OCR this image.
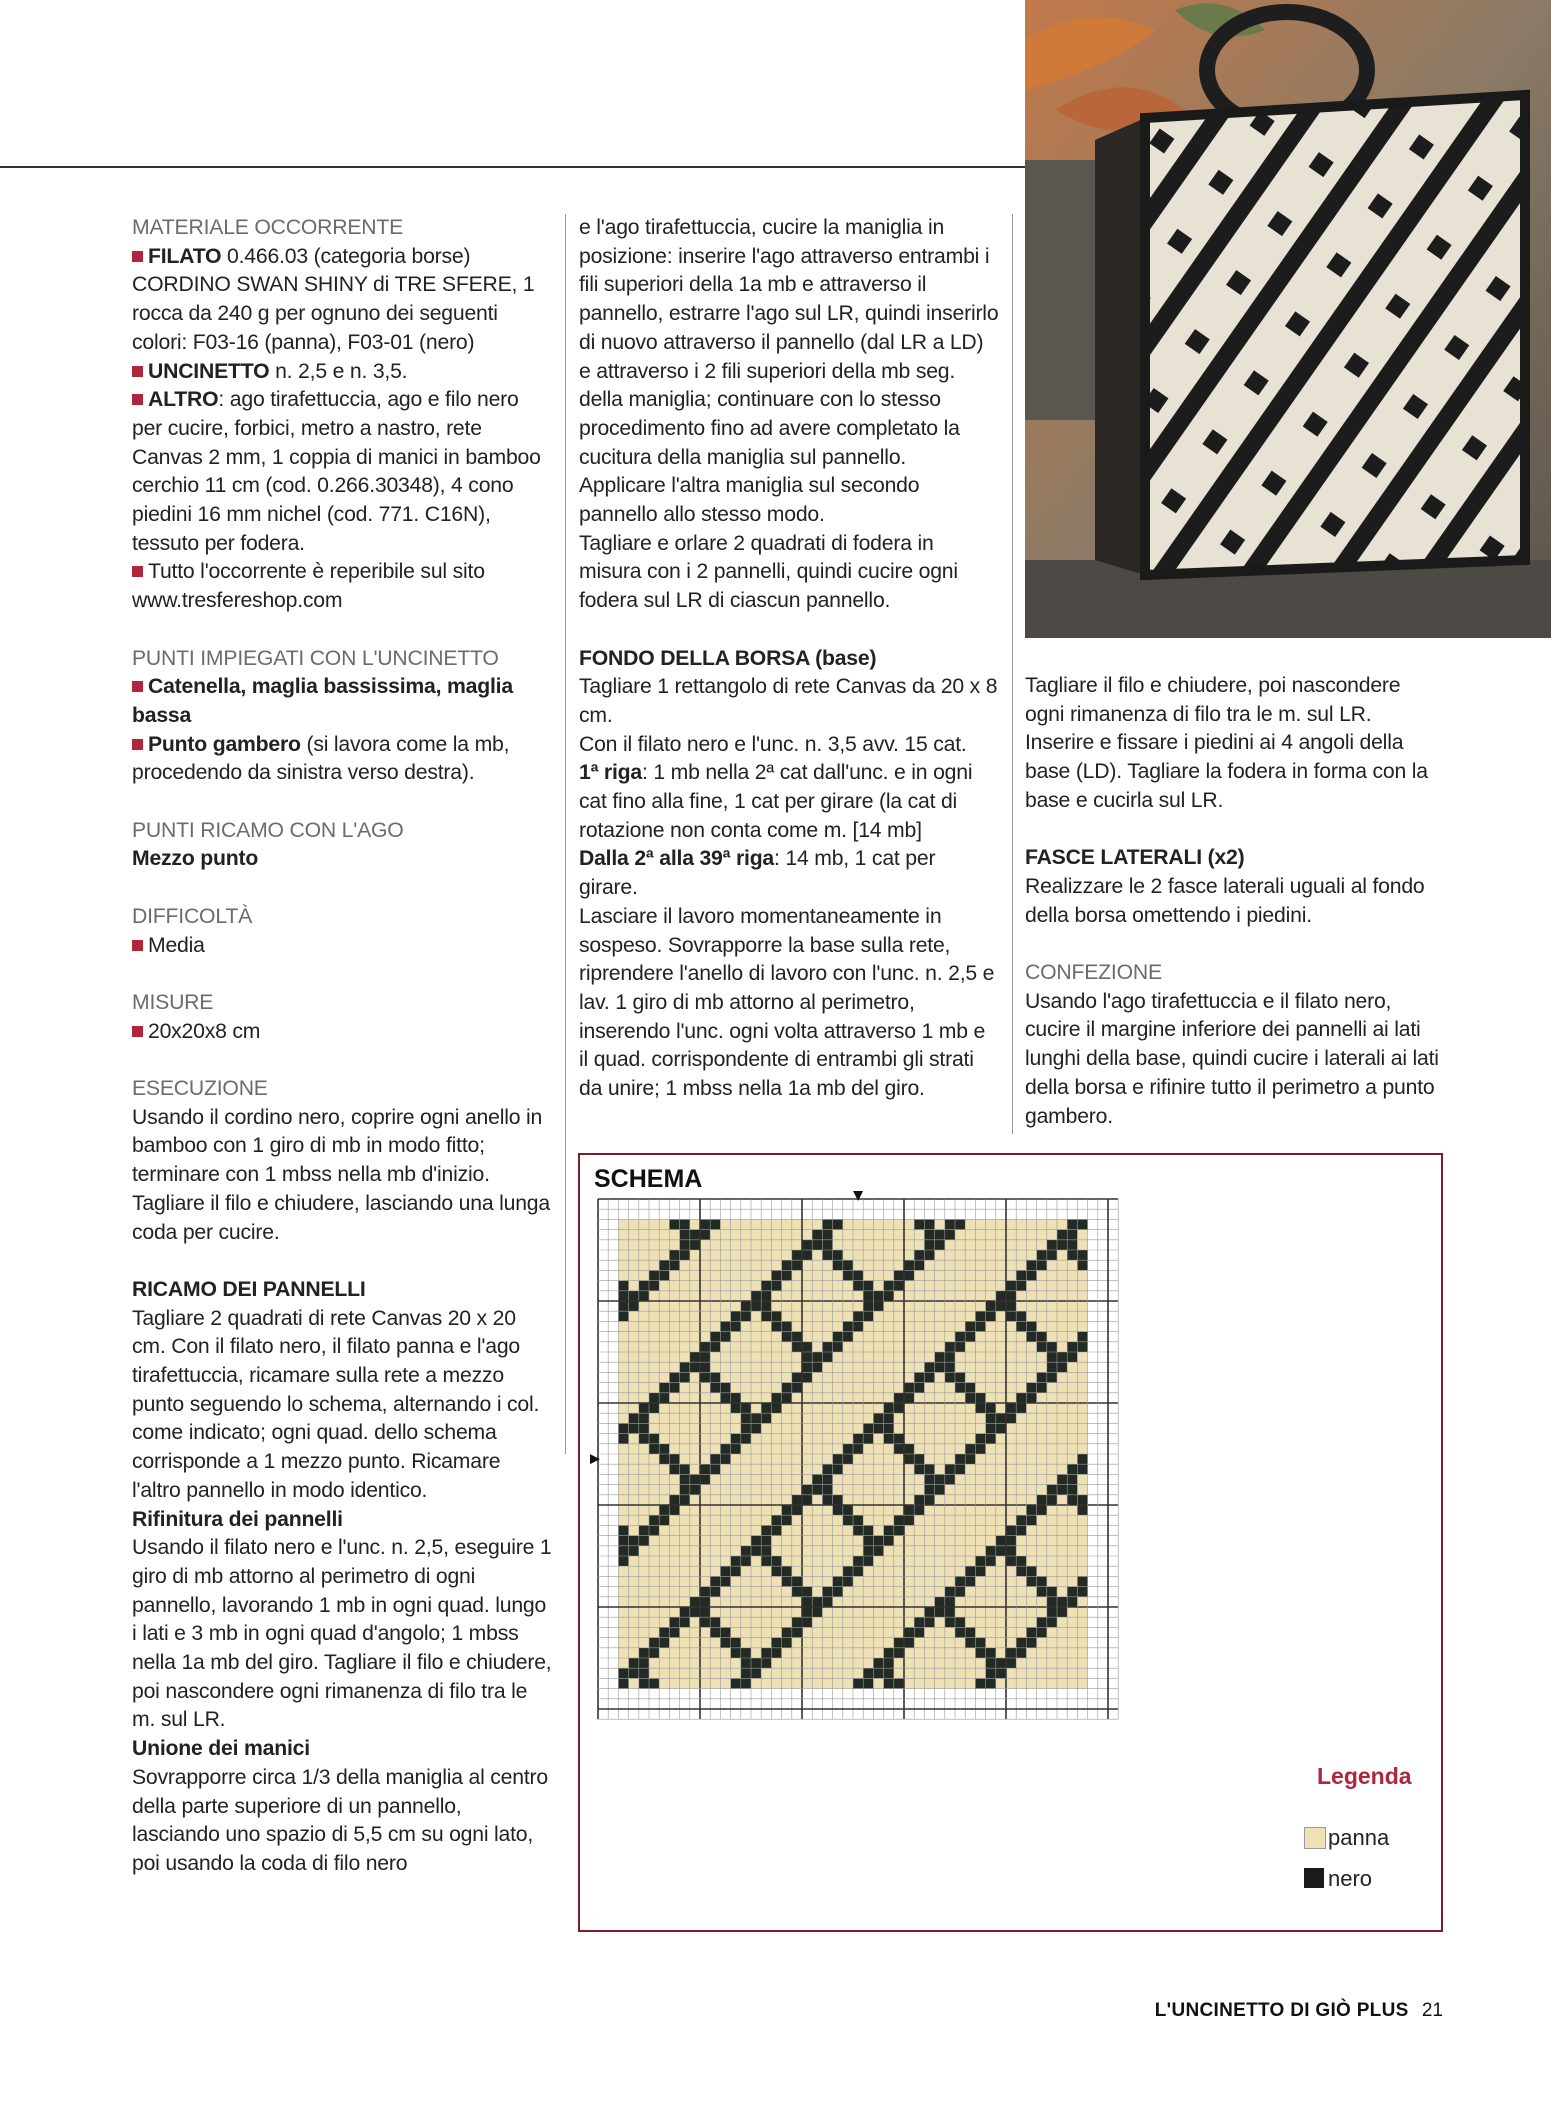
MATERIALE OCCORRENTE

FILATO 0.466.03 (categoria borse) CORDINO SWAN SHINY di TRE SFERE, 1 rocca da 240 g per ognuno dei seguenti colori: F03-16 (panna), F03-01 (nero)

UNCINETTO n. 2,5 e n. 3,5.

ALTRO: ago tirafettuccia, ago e filo nero per cucire, forbici, metro a nastro, rete Canvas 2 mm, 1 coppia di manici in bamboo cerchio 11 cm (cod. 0.266.30348), 4 cono piedini 16 mm nichel (cod. 771. C16N), tessuto per fodera.

Tutto l'occorrente è reperibile sul sito www.tresfereshop.com

PUNTI IMPIEGATI CON L'UNCINETTO

Catenella, maglia bassissima, maglia bassa

Punto gambero (si lavora come la mb, procedendo da sinistra verso destra).

PUNTI RICAMO CON L'AGO

Mezzo punto

DIFFICOLTÀ

Media

MISURE

20x20x8 cm

ESECUZIONE

Usando il cordino nero, coprire ogni anello in bamboo con 1 giro di mb in modo fitto; terminare con 1 mbss nella mb d'inizio. Tagliare il filo e chiudere, lasciando una lunga coda per cucire.

RICAMO DEI PANNELLI

Tagliare 2 quadrati di rete Canvas 20 x 20 cm. Con il filato nero, il filato panna e l'ago tirafettuccia, ricamare sulla rete a mezzo punto seguendo lo schema, alternando i col. come indicato; ogni quad. dello schema corrisponde a 1 mezzo punto. Ricamare l'altro pannello in modo identico.

Rifinitura dei pannelli

Usando il filato nero e l'unc. n. 2,5, eseguire 1 giro di mb attorno al perimetro di ogni pannello, lavorando 1 mb in ogni quad. lungo i lati e 3 mb in ogni quad d'angolo; 1 mbss nella 1a mb del giro. Tagliare il filo e chiudere, poi nascondere ogni rimanenza di filo tra le m. sul LR.

Unione dei manici

Sovrapporre circa 1/3 della maniglia al centro della parte superiore di un pannello, lasciando uno spazio di 5,5 cm su ogni lato, poi usando la coda di filo nero

e l'ago tirafettuccia, cucire la maniglia in posizione: inserire l'ago attraverso entrambi i fili superiori della 1a mb e attraverso il pannello, estrarre l'ago sul LR, quindi inserirlo di nuovo attraverso il pannello (dal LR a LD) e attraverso i 2 fili superiori della mb seg. della maniglia; continuare con lo stesso procedimento fino ad avere completato la cucitura della maniglia sul pannello.

Applicare l'altra maniglia sul secondo pannello allo stesso modo.

Tagliare e orlare 2 quadrati di fodera in misura con i 2 pannelli, quindi cucire ogni fodera sul LR di ciascun pannello.

FONDO DELLA BORSA (base)

Tagliare 1 rettangolo di rete Canvas da 20 x 8 cm.

Con il filato nero e l'unc. n. 3,5 avv. 15 cat.

1ª riga: 1 mb nella 2ª cat dall'unc. e in ogni cat fino alla fine, 1 cat per girare (la cat di rotazione non conta come m. [14 mb]

Dalla 2ª alla 39ª riga: 14 mb, 1 cat per girare.

Lasciare il lavoro momentaneamente in sospeso. Sovrapporre la base sulla rete, riprendere l'anello di lavoro con l'unc. n. 2,5 e lav. 1 giro di mb attorno al perimetro, inserendo l'unc. ogni volta attraverso 1 mb e il quad. corrispondente di entrambi gli strati da unire; 1 mbss nella 1a mb del giro.

Tagliare il filo e chiudere, poi nascondere ogni rimanenza di filo tra le m. sul LR. Inserire e fissare i piedini ai 4 angoli della base (LD). Tagliare la fodera in forma con la base e cucirla sul LR.

FASCE LATERALI (x2)

Realizzare le 2 fasce laterali uguali al fondo della borsa omettendo i piedini.

CONFEZIONE

Usando l'ago tirafettuccia e il filato nero, cucire il margine inferiore dei pannelli ai lati lunghi della base, quindi cucire i laterali ai lati della borsa e rifinire tutto il perimetro a punto gambero.

SCHEMA
Legenda
panna
nero
L'UNCINETTO DI GIÒ PLUS 21
